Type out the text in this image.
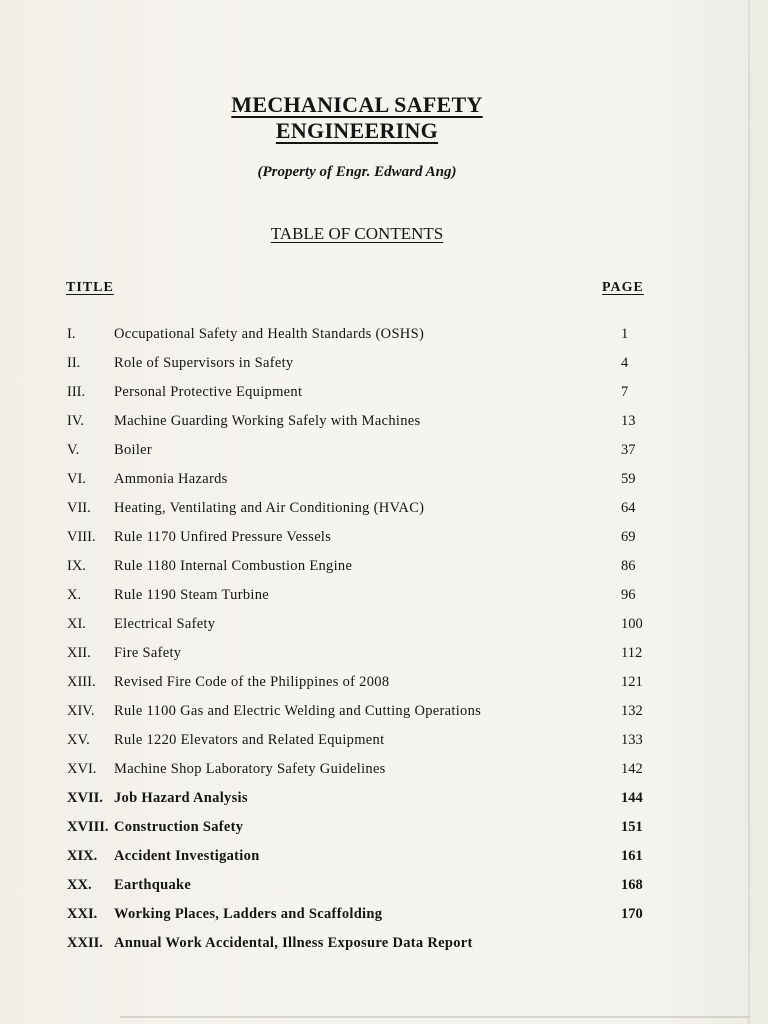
MECHANICAL SAFETY
ENGINEERING
(Property of Engr. Edward Ang)
TABLE OF CONTENTS
TITLE	PAGE
I.	Occupational Safety and Health Standards (OSHS)	1
II. Role of Supervisors in Safety	4
III. Personal Protective Equipment	7
IV. Machine Guarding Working Safely with Machines	13
V. Boiler	37
VI. Ammonia Hazards	59
VII. Heating, Ventilating and Air Conditioning (HVAC)	64
VIII. Rule 1170 Unfired Pressure Vessels	69
IX. Rule 1180 Internal Combustion Engine	86
X. Rule 1190 Steam Turbine	96
XI. Electrical Safety	100
XII. Fire Safety	112
XIII. Revised Fire Code of the Philippines of 2008	121
XIV. Rule 1100 Gas and Electric Welding and Cutting Operations	132
XV. Rule 1220 Elevators and Related Equipment	133
XVI. Machine Shop Laboratory Safety Guidelines	142
XVII. Job Hazard Analysis	144
XVIII. Construction Safety	151
XIX. Accident Investigation	161
XX. Earthquake	168
XXI. Working Places, Ladders and Scaffolding	170
XXII. Annual Work Accidental, Illness Exposure Data Report
